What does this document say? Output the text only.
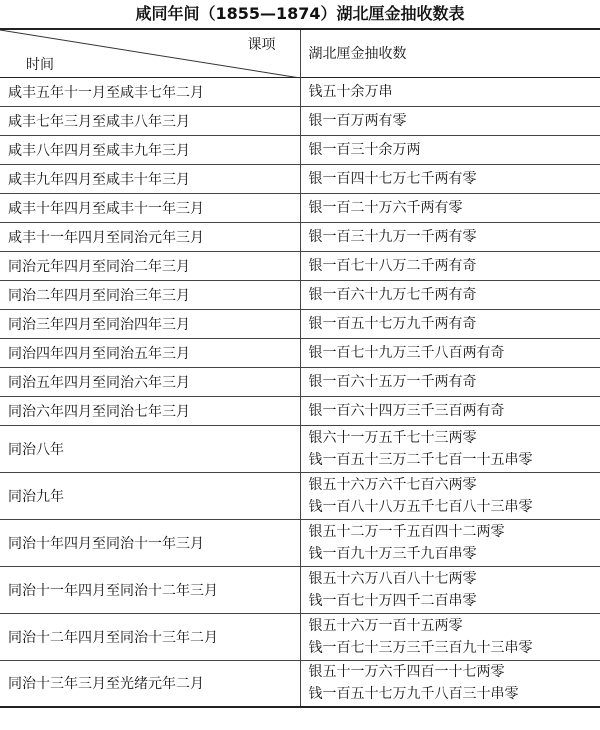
咸同年间（1855—1874）湖北厘金抽收数表
课项
时间	湖北厘金抽收数
咸丰五年十一月至咸丰七年二月	钱五十余万串

咸丰七年三月至咸丰八年三月	银一百万两有零

咸丰八年四月至咸丰九年三月	银一百三十余万两

咸丰九年四月至咸丰十年三月	银一百四十七万七千两有零

咸丰十年四月至咸丰十一年三月	银一百二十万六千两有零

咸丰十一年四月至同治元年三月	银一百三十九万一千两有零

同治元年四月至同治二年三月	银一百七十八万二千两有奇

同治二年四月至同治三年三月	银一百六十九万七千两有奇

同治三年四月至同治四年三月	银一百五十七万九千两有奇

同治四年四月至同治五年三月	银一百七十九万三千八百两有奇

同治五年四月至同治六年三月	银一百六十五万一千两有奇

同治六年四月至同治七年三月	银一百六十四万三千三百两有奇

同治八年	银六十一万五千七十三两零
钱一百五十三万二千七百一十五串零

同治九年	银五十六万六千七百六两零
钱一百八十八万五千七百八十三串零

同治十年四月至同治十一年三月	银五十二万一千五百四十二两零
钱一百九十万三千九百串零

同治十一年四月至同治十二年三月	银五十六万八百八十七两零
钱一百七十万四千二百串零

同治十二年四月至同治十三年二月	银五十六万一百十五两零
钱一百七十三万三千三百九十三串零

同治十三年三月至光绪元年二月	银五十一万六千四百一十七两零
钱一百五十七万九千八百三十串零
